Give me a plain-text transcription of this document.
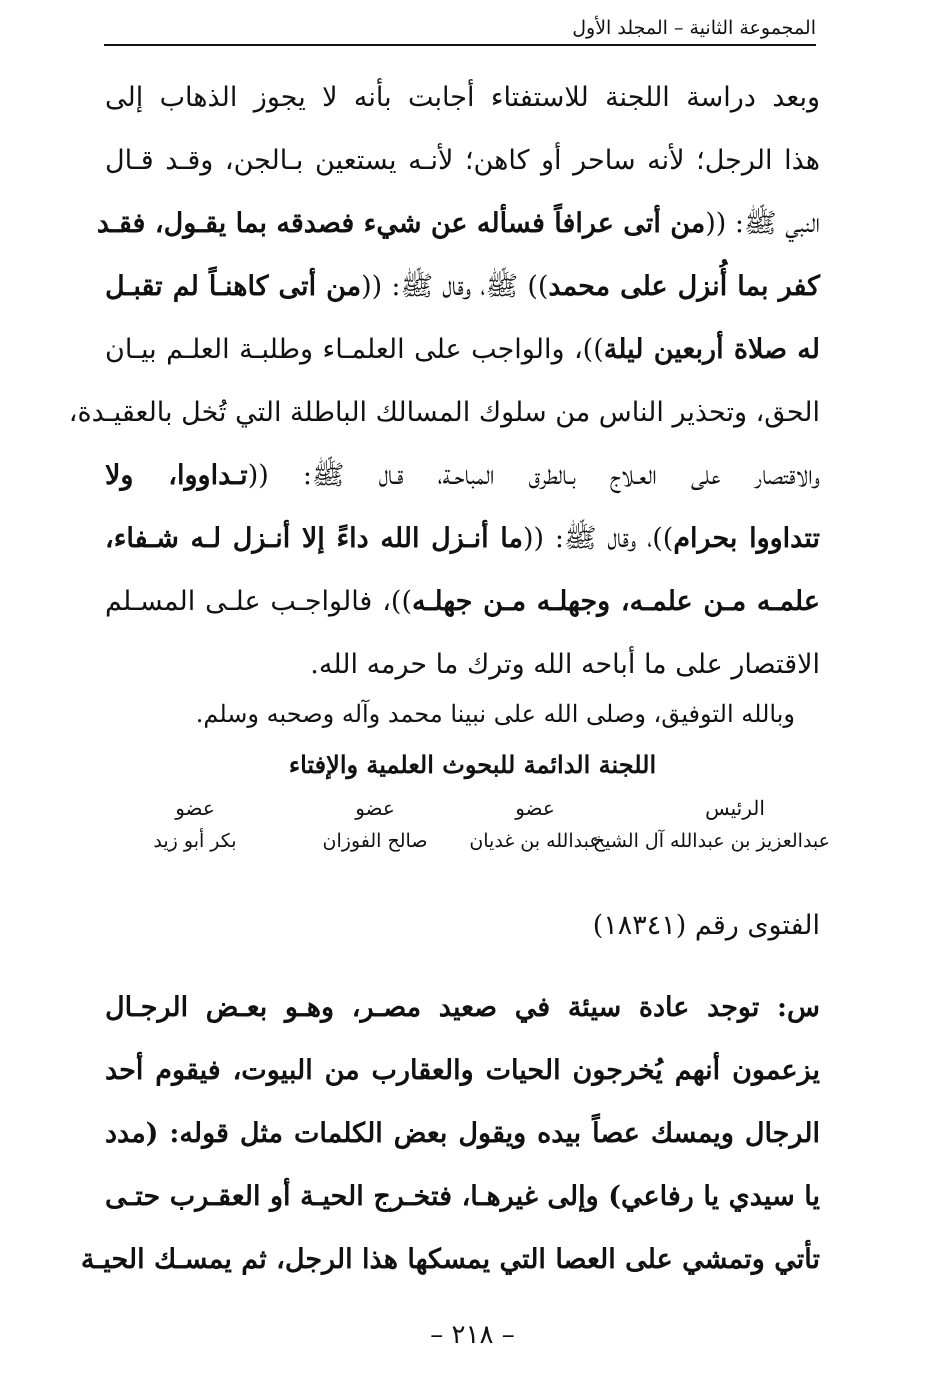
المجموعة الثانية – المجلد الأول
وبعد دراسة اللجنة للاستفتاء أجابت بأنه لا يجوز الذهاب إلى
هذا الرجل؛ لأنه ساحر أو كاهن؛ لأنـه يستعين بـالجن، وقـد قـال
النبي ﷺ: ((من أتى عرافاً فسأله عن شيء فصدقه بما يقـول، فقـد
كفر بما أُنزل على محمد)) ﷺ، وقال ﷺ: ((من أتى كاهنـاً لم تقبـل
له صلاة أربعين ليلة))، والواجب على العلمـاء وطلبـة العلـم بيـان
الحق، وتحذير الناس من سلوك المسالك الباطلة التي تُخل بالعقيـدة،
والاقتصار على العـلاج بـالطرق المباحـة، قـال ﷺ: ((تـداووا، ولا
تتداووا بحرام))، وقال ﷺ: ((ما أنـزل الله داءً إلا أنـزل لـه شـفاء،
علمـه مـن علمـه، وجهلـه مـن جهلـه))، فالواجـب علـى المسـلم
الاقتصار على ما أباحه الله وترك ما حرمه الله.
وبالله التوفيق، وصلى الله على نبينا محمد وآله وصحبه وسلم.
اللجنة الدائمة للبحوث العلمية والإفتاء
الرئيس
عبدالعزيز بن عبدالله آل الشيخ
عضو
عبدالله بن غديان
عضو
صالح الفوزان
عضو
بكر أبو زيد
الفتوى رقم (١٨٣٤١)
س: توجد عادة سيئة في صعيد مصـر، وهـو بعـض الرجـال
يزعمون أنهم يُخرجون الحيات والعقارب من البيوت، فيقوم أحد
الرجال ويمسك عصاً بيده ويقول بعض الكلمات مثل قوله: (مدد
يا سيدي يا رفاعي) وإلى غيرهـا، فتخـرج الحيـة أو العقـرب حتـى
تأتي وتمشي على العصا التي يمسكها هذا الرجل، ثم يمسـك الحيـة
– ٢١٨ –
